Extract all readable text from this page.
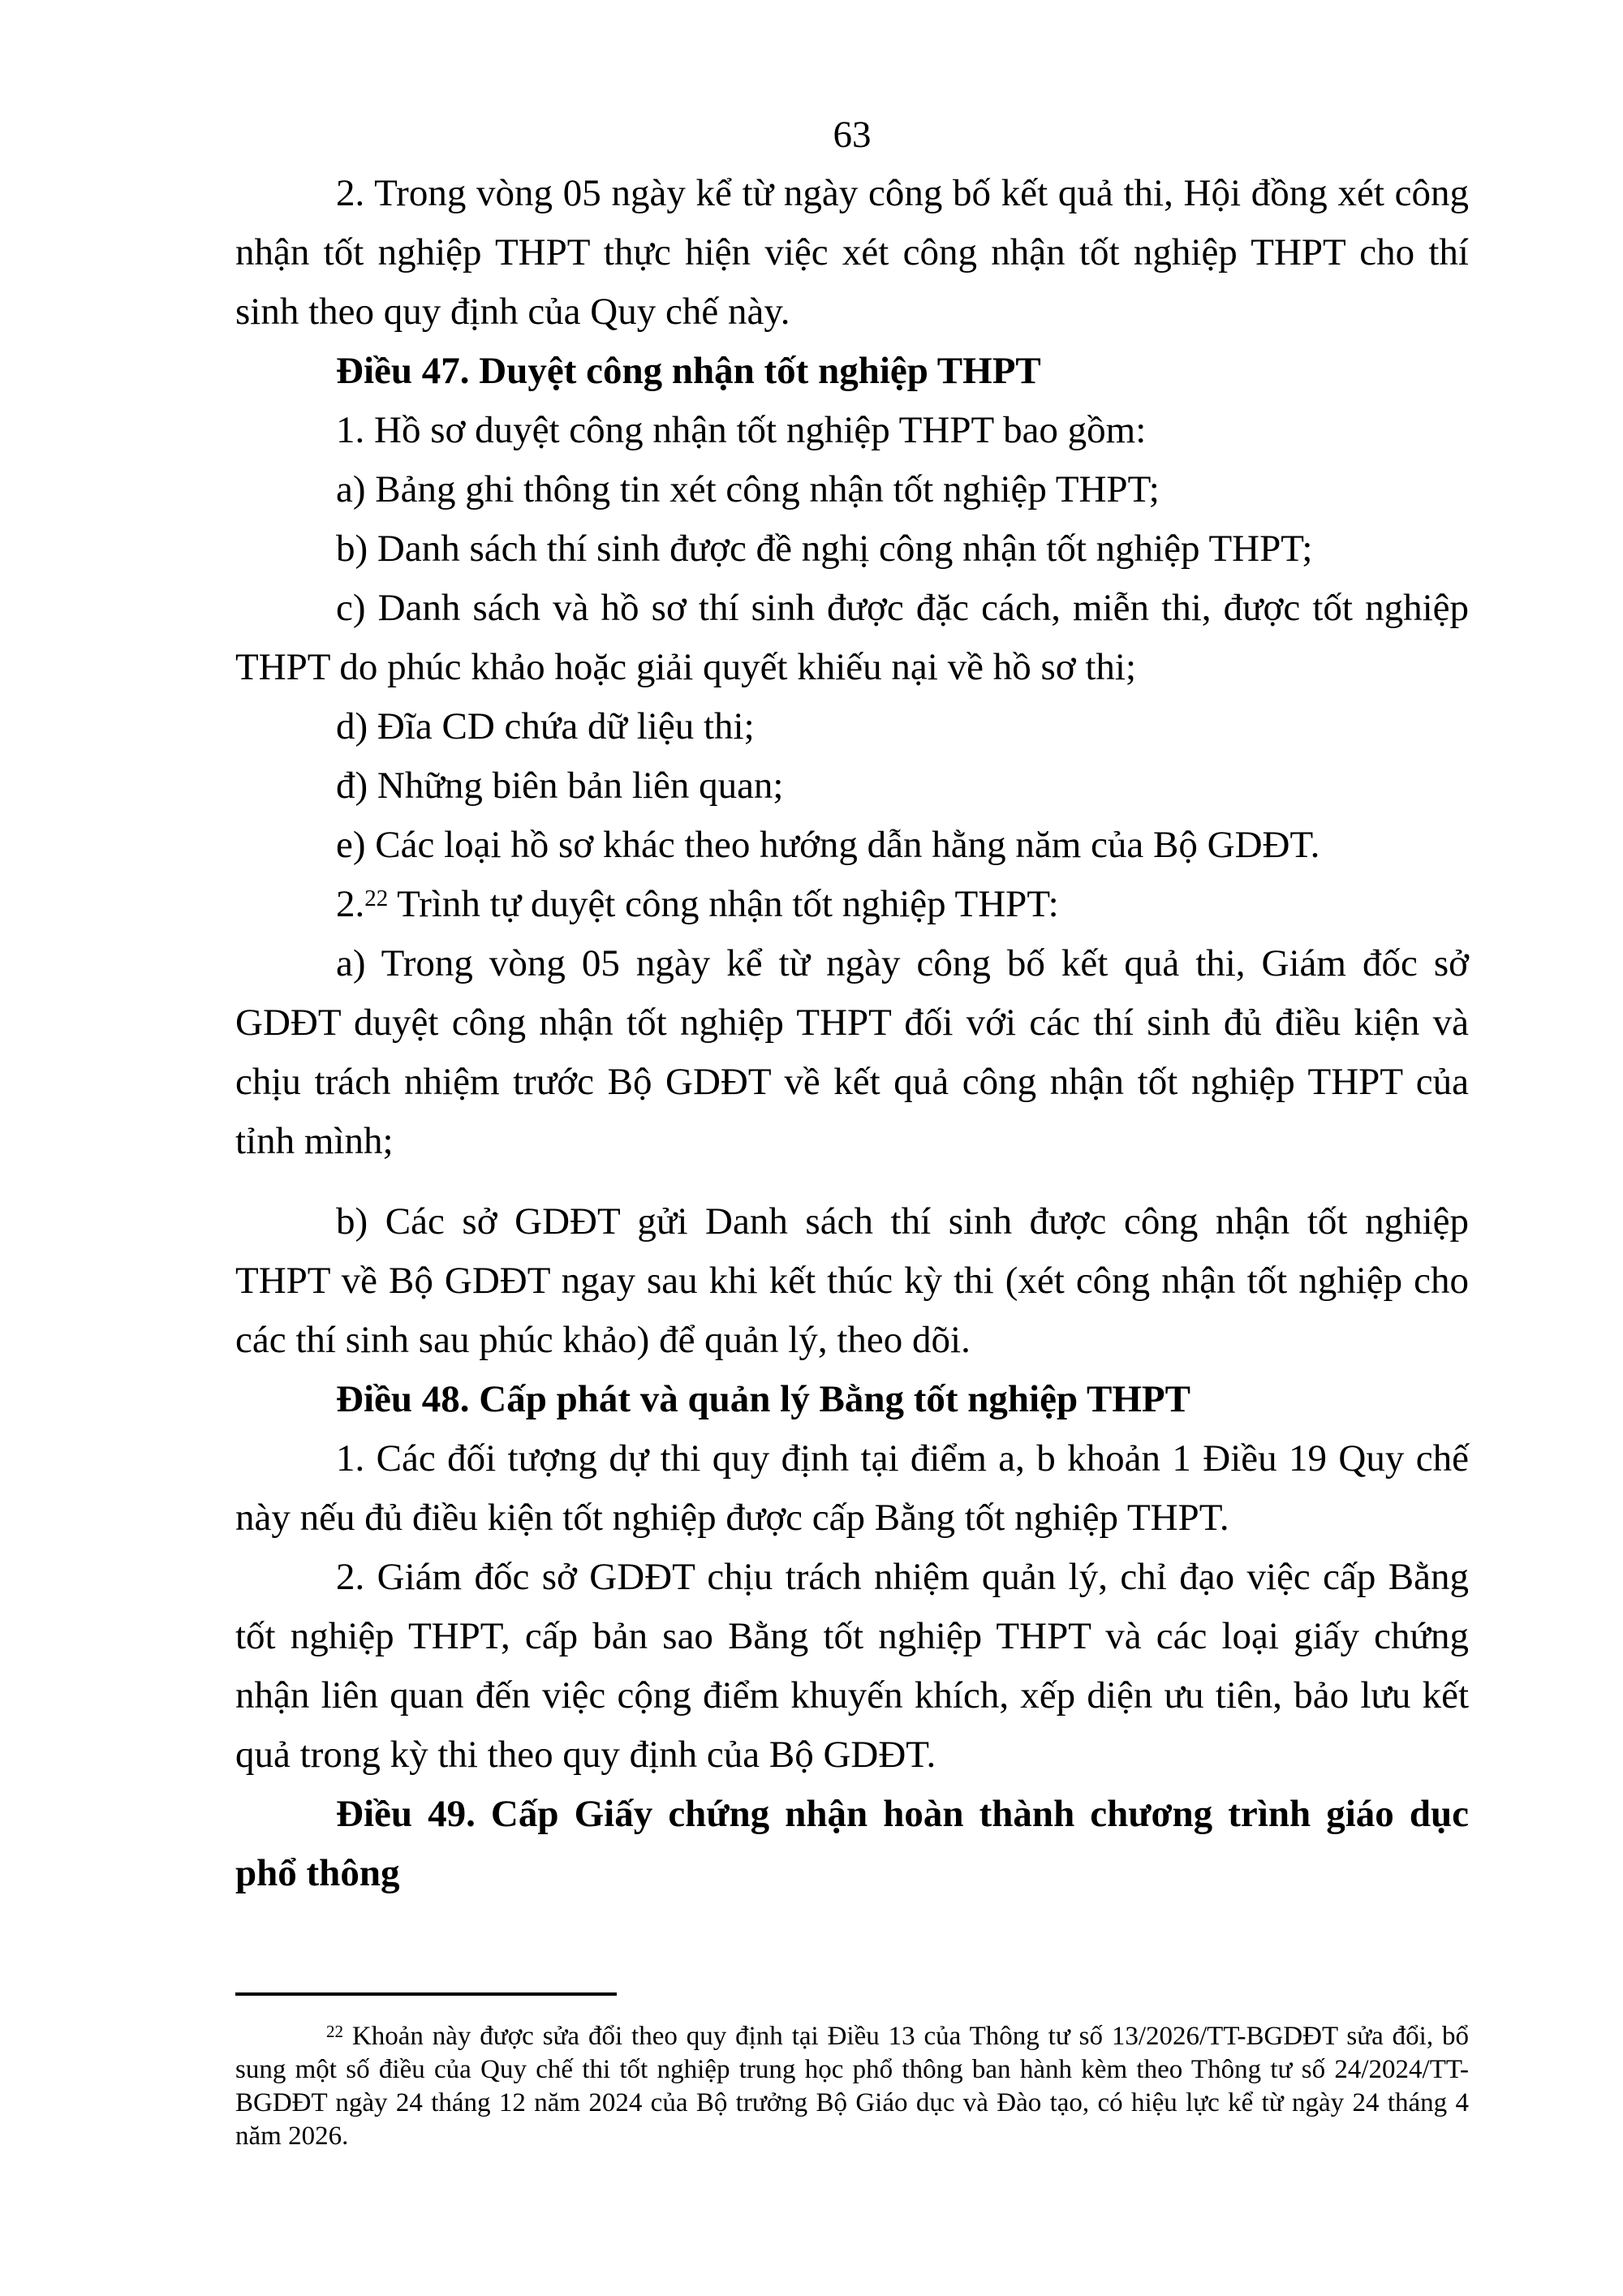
63

2. Trong vòng 05 ngày kể từ ngày công bố kết quả thi, Hội đồng xét công nhận tốt nghiệp THPT thực hiện việc xét công nhận tốt nghiệp THPT cho thí sinh theo quy định của Quy chế này.

Điều 47. Duyệt công nhận tốt nghiệp THPT

1. Hồ sơ duyệt công nhận tốt nghiệp THPT bao gồm:

a) Bảng ghi thông tin xét công nhận tốt nghiệp THPT;

b) Danh sách thí sinh được đề nghị công nhận tốt nghiệp THPT;

c) Danh sách và hồ sơ thí sinh được đặc cách, miễn thi, được tốt nghiệp THPT do phúc khảo hoặc giải quyết khiếu nại về hồ sơ thi;

d) Đĩa CD chứa dữ liệu thi;

đ) Những biên bản liên quan;

e) Các loại hồ sơ khác theo hướng dẫn hằng năm của Bộ GDĐT.

2.22 Trình tự duyệt công nhận tốt nghiệp THPT:

a) Trong vòng 05 ngày kể từ ngày công bố kết quả thi, Giám đốc sở GDĐT duyệt công nhận tốt nghiệp THPT đối với các thí sinh đủ điều kiện và chịu trách nhiệm trước Bộ GDĐT về kết quả công nhận tốt nghiệp THPT của tỉnh mình;

b) Các sở GDĐT gửi Danh sách thí sinh được công nhận tốt nghiệp THPT về Bộ GDĐT ngay sau khi kết thúc kỳ thi (xét công nhận tốt nghiệp cho các thí sinh sau phúc khảo) để quản lý, theo dõi.

Điều 48. Cấp phát và quản lý Bằng tốt nghiệp THPT

1. Các đối tượng dự thi quy định tại điểm a, b khoản 1 Điều 19 Quy chế này nếu đủ điều kiện tốt nghiệp được cấp Bằng tốt nghiệp THPT.

2. Giám đốc sở GDĐT chịu trách nhiệm quản lý, chỉ đạo việc cấp Bằng tốt nghiệp THPT, cấp bản sao Bằng tốt nghiệp THPT và các loại giấy chứng nhận liên quan đến việc cộng điểm khuyến khích, xếp diện ưu tiên, bảo lưu kết quả trong kỳ thi theo quy định của Bộ GDĐT.

Điều 49. Cấp Giấy chứng nhận hoàn thành chương trình giáo dục phổ thông

$^{22}$ Khoản này được sửa đổi theo quy định tại Điều 13 của Thông tư số 13/2026/TT-BGDĐT sửa đổi, bổ sung một số điều của Quy chế thi tốt nghiệp trung học phổ thông ban hành kèm theo Thông tư số 24/2024/TT-BGDĐT ngày 24 tháng 12 năm 2024 của Bộ trưởng Bộ Giáo dục và Đào tạo, có hiệu lực kể từ ngày 24 tháng 4 năm 2026.
